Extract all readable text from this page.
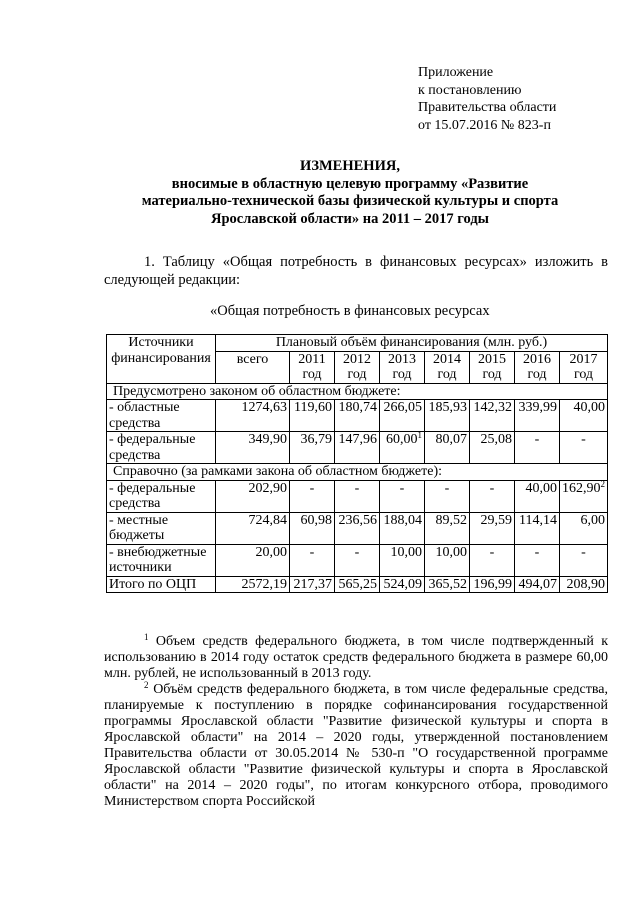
Приложение
к постановлению
Правительства области
от 15.07.2016 № 823-п
ИЗМЕНЕНИЯ,
вносимые в областную целевую программу «Развитие
материально-технической базы физической культуры и спорта
Ярославской области» на 2011 – 2017 годы
1. Таблицу «Общая потребность в финансовых ресурсах» изложить в следующей редакции:
«Общая потребность в финансовых ресурсах
Источники финансирования	Плановый объём финансирования (млн. руб.)							
	всего	2011 год	2012 год	2013 год	2014 год	2015 год	2016 год	2017 год
Предусмотрено законом об областном бюджете:								
- областные средства	1274,63	119,60	180,74	266,05	185,93	142,32	339,99	40,00
- федеральные средства	349,90	36,79	147,96	60,00$^1$	80,07	25,08	-	-
Справочно (за рамками закона об областном бюджете):								
- федеральные средства	202,90	-	-	-	-	-	40,00	162,90$^2$
- местные бюджеты	724,84	60,98	236,56	188,04	89,52	29,59	114,14	6,00
- внебюджетные источники	20,00	-	-	10,00	10,00	-	-	-
Итого по ОЦП	2572,19	217,37	565,25	524,09	365,52	196,99	494,07	208,90
$^1$ Объем средств федерального бюджета, в том числе подтвержденный к использованию в 2014 году остаток средств федерального бюджета в размере 60,00 млн. рублей, не использованный в 2013 году.
$^2$ Объём средств федерального бюджета, в том числе федеральные средства, планируемые к поступлению в порядке софинансирования государственной программы Ярославской области "Развитие физической культуры и спорта в Ярославской области" на 2014 – 2020 годы, утвержденной постановлением Правительства области от 30.05.2014 № 530-п "О государственной программе Ярославской области "Развитие физической культуры и спорта в Ярославской области" на 2014 – 2020 годы", по итогам конкурсного отбора, проводимого Министерством спорта Российской
